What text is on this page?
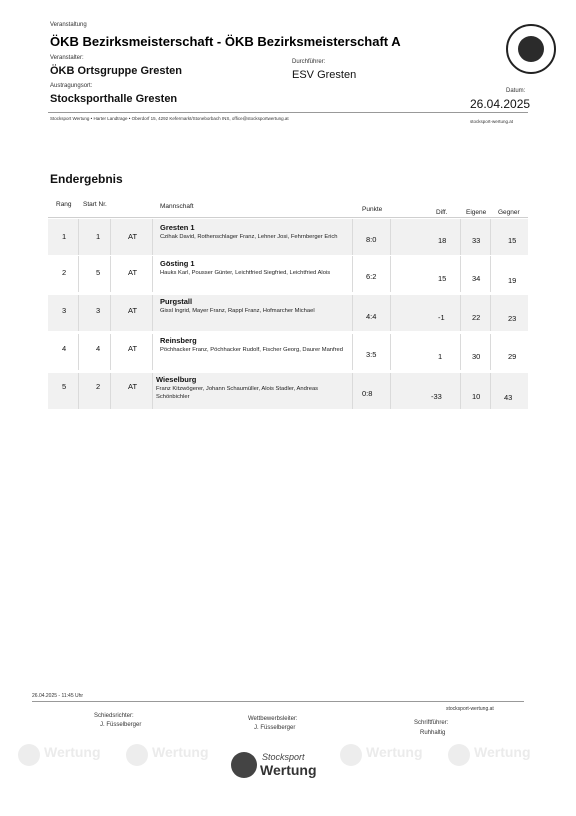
Veranstaltung
ÖKB Bezirksmeisterschaft - ÖKB Bezirksmeisterschaft A
Veranstalter:
ÖKB Ortsgruppe Gresten
Durchführer:
ESV Gresten
Austragungsort:
Stocksporthalle Gresten
Datum:
26.04.2025
Stocksport Wertung • Harter Landtrage • Oberdorf 15, 4292 Kefermarkt/Stoneborbach INS, office@stocksportwertung.at
stocksport-wertung.at
Endergebnis
Rang Start Nr.	Mannschaft	Punkte	Diff.	Eigene Gegner
1	1	AT
Gresten 1
Czihak David, Rothenschlager Franz, Lehner Josi, Fehrnberger Erich	8:0	18	33	15
2	5	AT
Gösting 1
Hauks Karl, Pousser Günter, Leichtfried Siegfried, Leichtfried Alois	6:2	15	34	19
3	3	AT
Purgstall
Gissl Ingrid, Mayer Franz, Rappl Franz, Hofmarcher Michael
4:4	-1	22	23
4	4	AT
Reinsberg
Pöchhacker Franz, Pöchhacker Rudolf, Fischer Georg, Daurer Manfred	3:5	1	30	29
5	2	AT
Wieselburg
Franz Kitzwögerer, Johann Schaumüller, Alois Stadler, Andreas Schönbichler	0:8	-33	10	43
26.04.2025 - 11:45 Uhr
stocksport-wertung.at
Schiedsrichter:
J. Füsselberger
Wettbewerbsleiter:
J. Füsselberger
Schriftführer:
Ruhhaltig
Wertung	Wertung	Wertung	Wertung
Stocksport
Wertung
